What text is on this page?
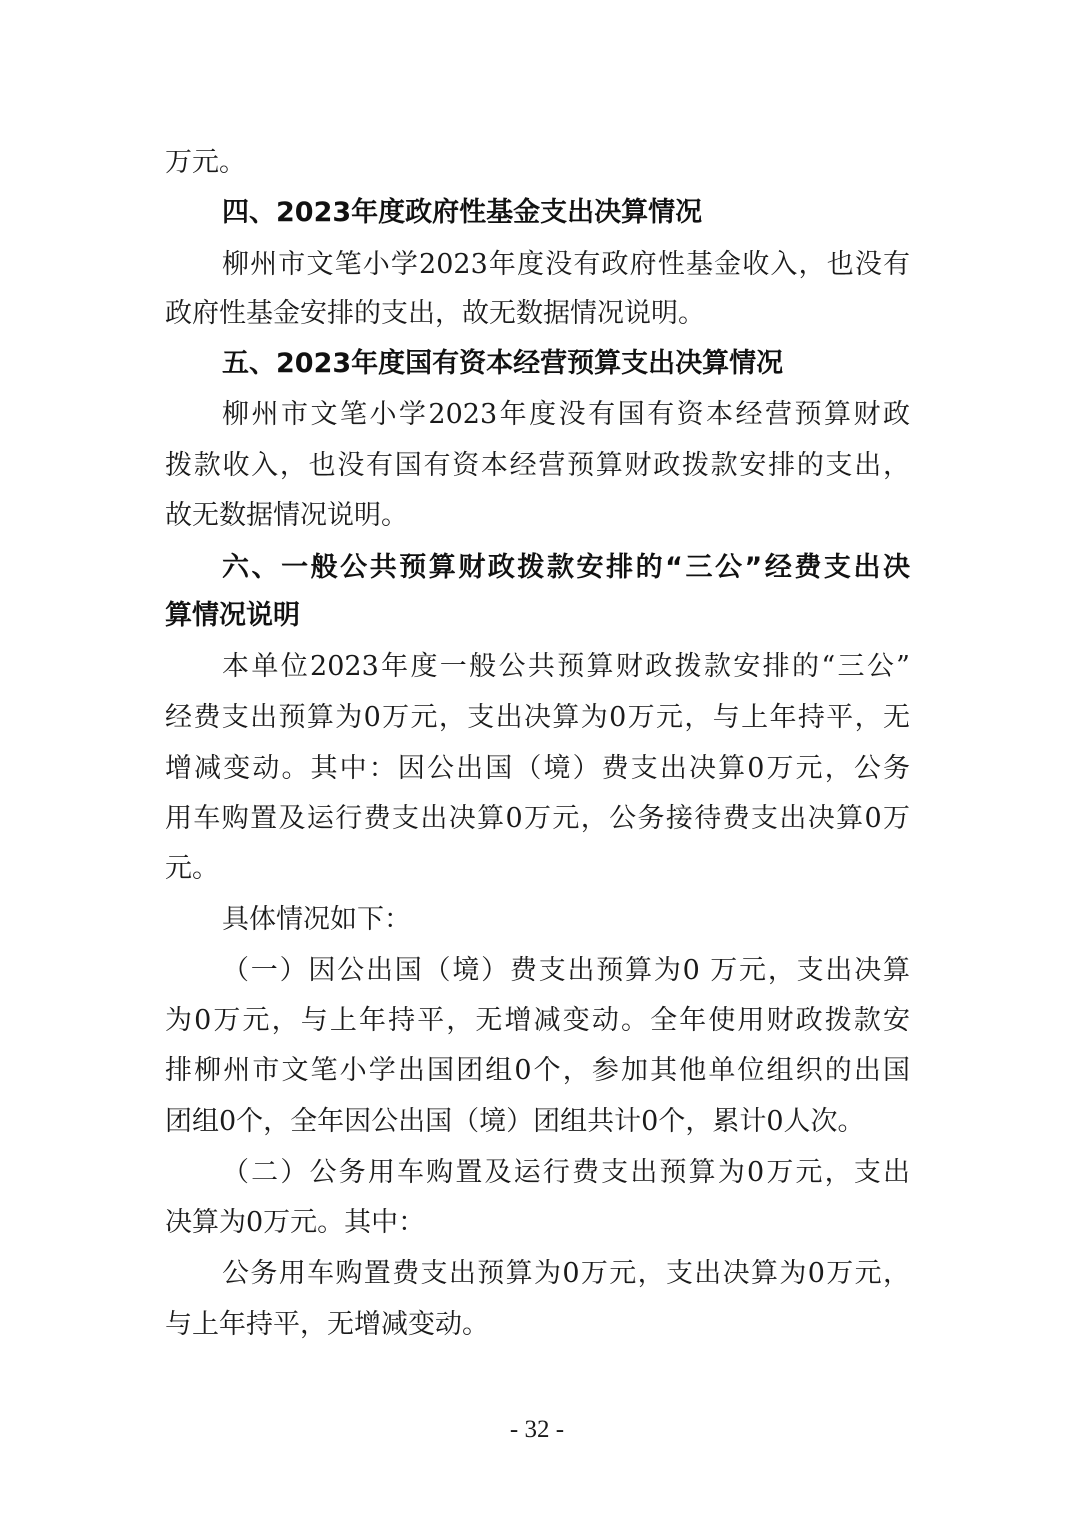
万元。

四、2023年度政府性基金支出决算情况

柳州市文笔小学2023年度没有政府性基金收入，也没有

政府性基金安排的支出，故无数据情况说明。

五、2023年度国有资本经营预算支出决算情况

柳州市文笔小学2023年度没有国有资本经营预算财政

拨款收入，也没有国有资本经营预算财政拨款安排的支出，

故无数据情况说明。

六、一般公共预算财政拨款安排的“三公”经费支出决

算情况说明

本单位2023年度一般公共预算财政拨款安排的“三公”

经费支出预算为0万元，支出决算为0万元，与上年持平，无

增减变动。其中：因公出国（境）费支出决算0万元，公务

用车购置及运行费支出决算0万元，公务接待费支出决算0万

元。

具体情况如下：

（一）因公出国（境）费支出预算为0 万元，支出决算

为0万元，与上年持平，无增减变动。全年使用财政拨款安

排柳州市文笔小学出国团组0个，参加其他单位组织的出国

团组0个，全年因公出国（境）团组共计0个，累计0人次。

（二）公务用车购置及运行费支出预算为0万元，支出

决算为0万元。其中：

公务用车购置费支出预算为0万元，支出决算为0万元，

与上年持平，无增减变动。

- 32 -
